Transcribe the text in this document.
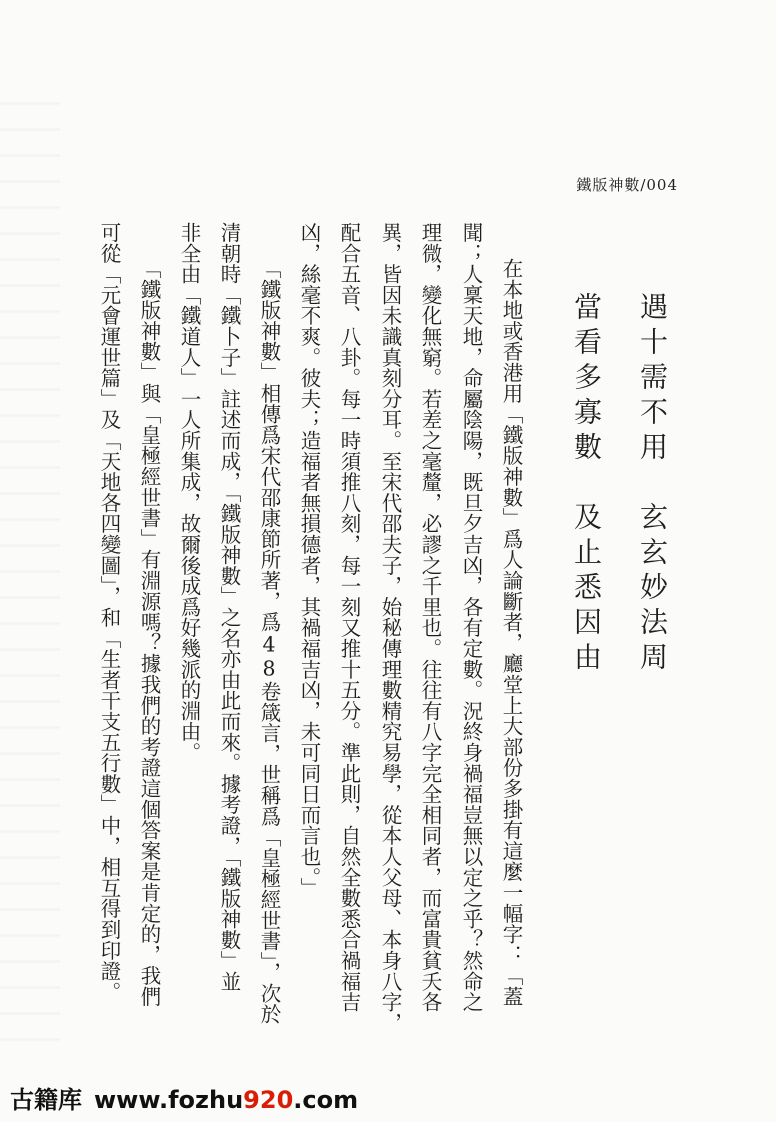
鐵版神數/004
遇十需不用　玄玄妙法周
當看多寡數　及止悉因由
在本地或香港用「鐵版神數」爲人論斷者，廳堂上大部份多掛有這麼一幅字：「蓋
聞；人稟天地，命屬陰陽，既旦夕吉凶，各有定數。況終身禍福豈無以定之乎？然命之
理微，變化無窮。若差之毫釐，必謬之千里也。往往有八字完全相同者，而富貴貧夭各
異，皆因未識真刻分耳。至宋代邵夫子，始秘傳理數精究易學，從本人父母、本身八字，
配合五音、八卦。每一時須推八刻，每一刻又推十五分。準此則，自然全數悉合禍福吉
凶，絲毫不爽。彼夫；造福者無損德者，其禍福吉凶，未可同日而言也。」
「鐵版神數」相傳爲宋代邵康節所著，爲48卷箴言，世稱爲「皇極經世書」，次於
清朝時「鐵卜子」註述而成，「鐵版神數」之名亦由此而來。據考證，「鐵版神數」並
非全由「鐵道人」一人所集成，故爾後成爲好幾派的淵由。
「鐵版神數」與「皇極經世書」有淵源嗎？據我們的考證這個答案是肯定的，我們
可從「元會運世篇」及「天地各四變圖」，和「生者干支五行數」中，相互得到印證。
古籍库 www.fozhu920.com
